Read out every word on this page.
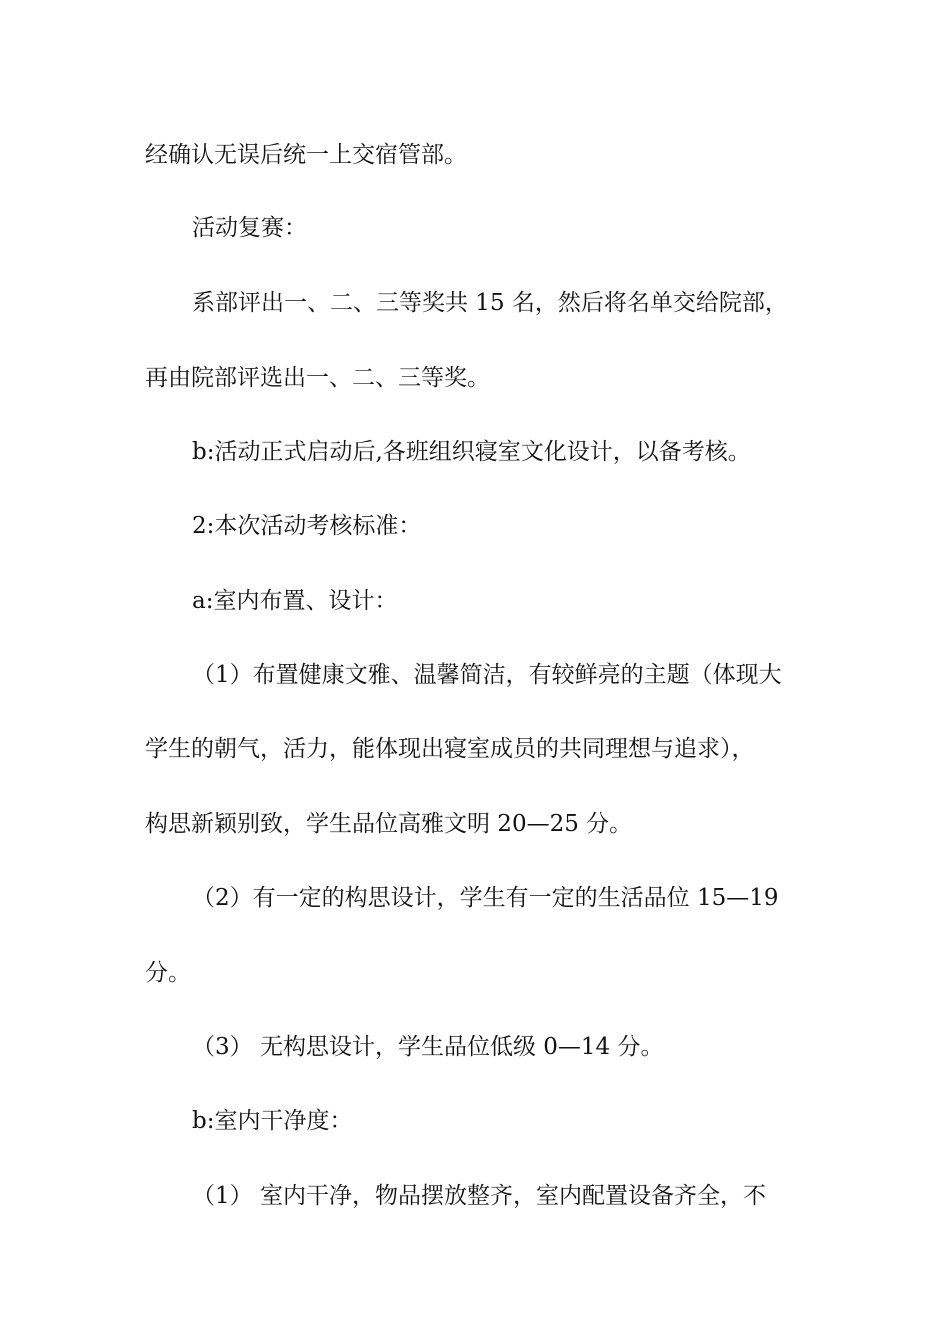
经确认无误后统一上交宿管部。
活动复赛：
系部评出一、二、三等奖共 15 名，然后将名单交给院部，
再由院部评选出一、二、三等奖。
b:活动正式启动后,各班组织寝室文化设计，以备考核。
2:本次活动考核标准：
a:室内布置、设计：
（1）布置健康文雅、温馨简洁，有较鲜亮的主题（体现大
学生的朝气，活力，能体现出寝室成员的共同理想与追求），
构思新颖别致，学生品位高雅文明 20—25 分。
（2）有一定的构思设计，学生有一定的生活品位 15—19
分。
（3） 无构思设计，学生品位低级 0—14 分。
b:室内干净度：
（1） 室内干净，物品摆放整齐，室内配置设备齐全，不
